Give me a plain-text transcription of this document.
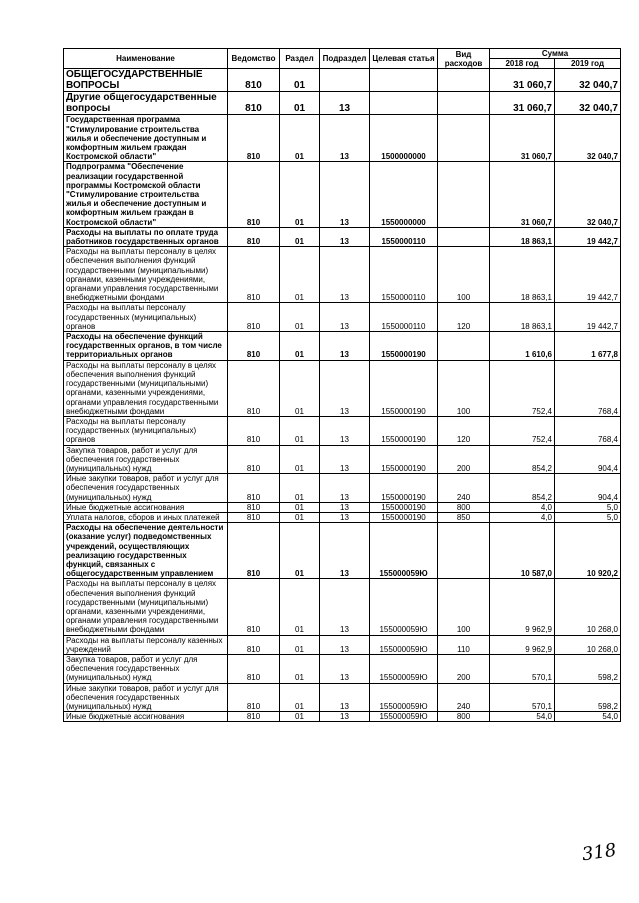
Наименование	Ведомство	Раздел	Подраздел	Целевая статья	Вид расходов	Сумма	
						2018 год	2019 год
ОБЩЕГОСУДАРСТВЕННЫЕ ВОПРОСЫ	810	01				31 060,7	32 040,7
Другие общегосударственные вопросы	810	01	13			31 060,7	32 040,7
Государственная программа "Стимулирование строительства жилья и обеспечение доступным и комфортным жильем граждан Костромской области"	810	01	13	1500000000		31 060,7	32 040,7
Подпрограмма "Обеспечение реализации государственной программы Костромской области "Стимулирование строительства жилья и обеспечение доступным и комфортным жильем граждан в Костромской области"	810	01	13	1550000000		31 060,7	32 040,7
Расходы на выплаты по оплате труда работников государственных органов	810	01	13	1550000110		18 863,1	19 442,7
Расходы на выплаты персоналу в целях обеспечения выполнения функций государственными (муниципальными) органами, казенными учреждениями, органами управления государственными внебюджетными фондами	810	01	13	1550000110	100	18 863,1	19 442,7
Расходы на выплаты персоналу государственных (муниципальных) органов	810	01	13	1550000110	120	18 863,1	19 442,7
Расходы на обеспечение функций государственных органов, в том числе территориальных органов	810	01	13	1550000190		1 610,6	1 677,8
Расходы на выплаты персоналу в целях обеспечения выполнения функций государственными (муниципальными) органами, казенными учреждениями, органами управления государственными внебюджетными фондами	810	01	13	1550000190	100	752,4	768,4
Расходы на выплаты персоналу государственных (муниципальных) органов	810	01	13	1550000190	120	752,4	768,4
Закупка товаров, работ и услуг для обеспечения государственных (муниципальных) нужд	810	01	13	1550000190	200	854,2	904,4
Иные закупки товаров, работ и услуг для обеспечения государственных (муниципальных) нужд	810	01	13	1550000190	240	854,2	904,4
Иные бюджетные ассигнования	810	01	13	1550000190	800	4,0	5,0
Уплата налогов, сборов и иных платежей	810	01	13	1550000190	850	4,0	5,0
Расходы на обеспечение деятельности (оказание услуг) подведомственных учреждений, осуществляющих реализацию государственных функций, связанных с общегосударственным управлением	810	01	13	155000059Ю		10 587,0	10 920,2
Расходы на выплаты персоналу в целях обеспечения выполнения функций государственными (муниципальными) органами, казенными учреждениями, органами управления государственными внебюджетными фондами	810	01	13	155000059Ю	100	9 962,9	10 268,0
Расходы на выплаты персоналу казенных учреждений	810	01	13	155000059Ю	110	9 962,9	10 268,0
Закупка товаров, работ и услуг для обеспечения государственных (муниципальных) нужд	810	01	13	155000059Ю	200	570,1	598,2
Иные закупки товаров, работ и услуг для обеспечения государственных (муниципальных) нужд	810	01	13	155000059Ю	240	570,1	598,2
Иные бюджетные ассигнования	810	01	13	155000059Ю	800	54,0	54,0
318
